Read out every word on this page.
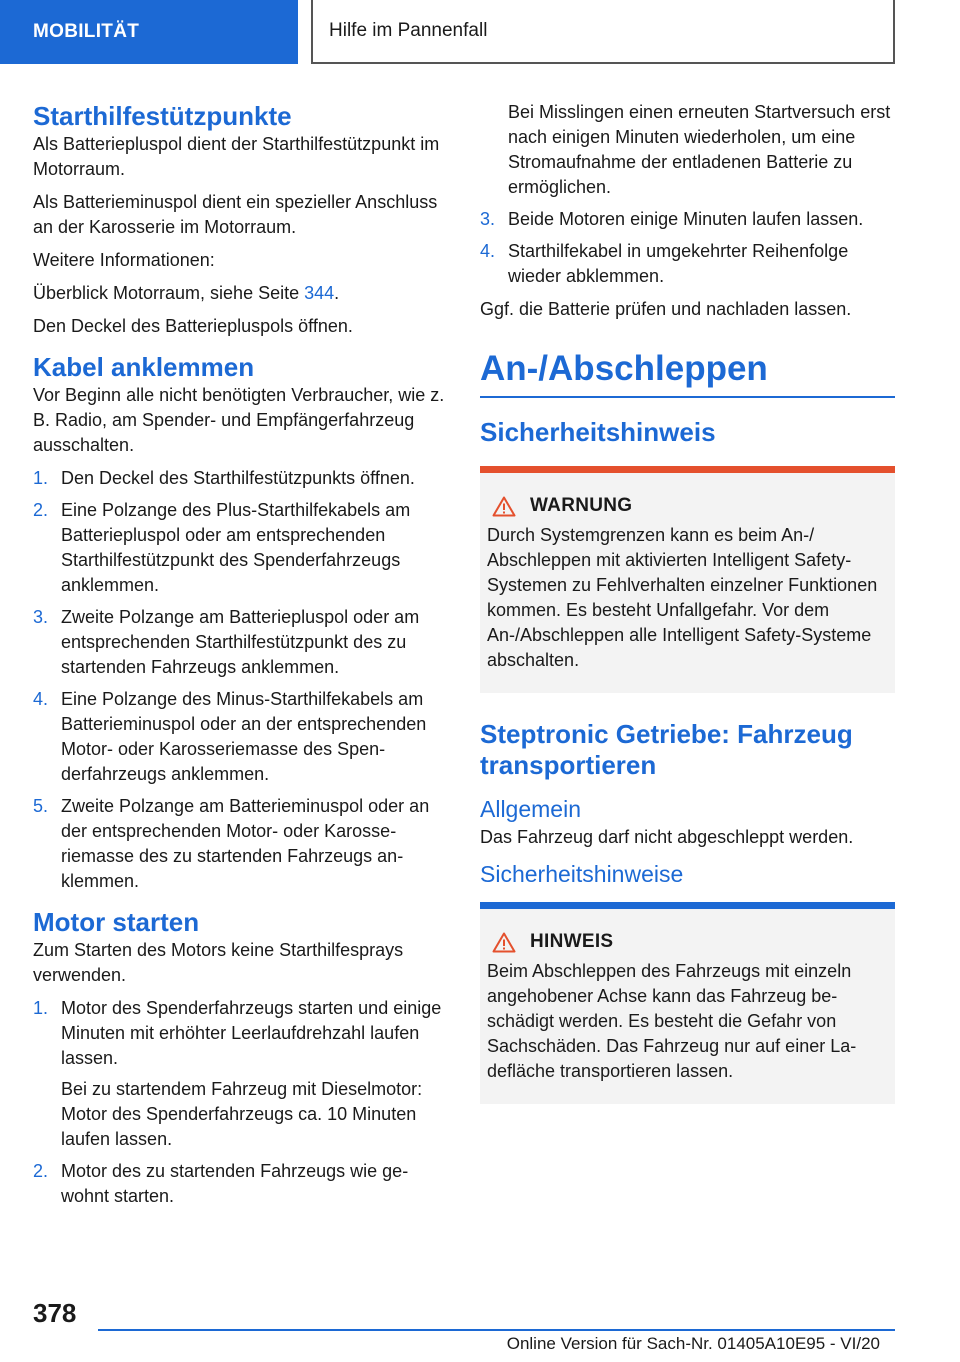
MOBILITÄT	Hilfe im Pannenfall
Starthilfestützpunkte

Als Batteriepluspol dient der Starthilfestützpunkt im Motorraum.

Als Batterieminuspol dient ein spezieller Anschluss an der Karosserie im Motorraum.

Weitere Informationen:

Überblick Motorraum, siehe Seite 344.

Den Deckel des Batteriepluspols öffnen.

Kabel anklemmen

Vor Beginn alle nicht benötigten Verbraucher, wie z. B. Radio, am Spender- und Empfängerfahrzeug ausschalten.

1. Den Deckel des Starthilfestützpunkts öffnen.
2. Eine Polzange des Plus-Starthilfekabels am Batteriepluspol oder am entsprechenden Starthilfestützpunkt des Spenderfahrzeugs anklemmen.
3. Zweite Polzange am Batteriepluspol oder am entsprechenden Starthilfestützpunkt des zu startenden Fahrzeugs anklemmen.
4. Eine Polzange des Minus-Starthilfekabels am Batterieminuspol oder an der entsprechenden Motor- oder Karosseriemasse des Spenderfahrzeugs anklemmen.
5. Zweite Polzange am Batterieminuspol oder an der entsprechenden Motor- oder Karosseriemasse des zu startenden Fahrzeugs anklemmen.
Motor starten

Zum Starten des Motors keine Starthilfesprays verwenden.

1. Motor des Spenderfahrzeugs starten und einige Minuten mit erhöhter Leerlaufdrehzahl laufen lassen.
Bei zu startendem Fahrzeug mit Dieselmotor: Motor des Spenderfahrzeugs ca. 10 Minuten laufen lassen.
2. Motor des zu startenden Fahrzeugs wie gewohnt starten.
Bei Misslingen einen erneuten Startversuch erst nach einigen Minuten wiederholen, um eine Stromaufnahme der entladenen Batterie zu ermöglichen.
3. Beide Motoren einige Minuten laufen lassen.
4. Starthilfekabel in umgekehrter Reihenfolge wieder abklemmen.

Ggf. die Batterie prüfen und nachladen lassen.

An-/Abschleppen
Sicherheitshinweis
WARNUNG

Durch Systemgrenzen kann es beim An-/ Abschleppen mit aktivierten Intelligent Safety-Systemen zu Fehlverhalten einzelner Funktionen kommen. Es besteht Unfallgefahr. Vor dem An-/Abschleppen alle Intelligent Safety-Systeme abschalten.

Steptronic Getriebe: Fahrzeug transportieren
Allgemein

Das Fahrzeug darf nicht abgeschleppt werden.

Sicherheitshinweise
HINWEIS

Beim Abschleppen des Fahrzeugs mit einzeln angehobener Achse kann das Fahrzeug beschädigt werden. Es besteht die Gefahr von Sachschäden. Das Fahrzeug nur auf einer Ladefläche transportieren lassen.

378
Online Version für Sach-Nr. 01405A10E95 - VI/20
